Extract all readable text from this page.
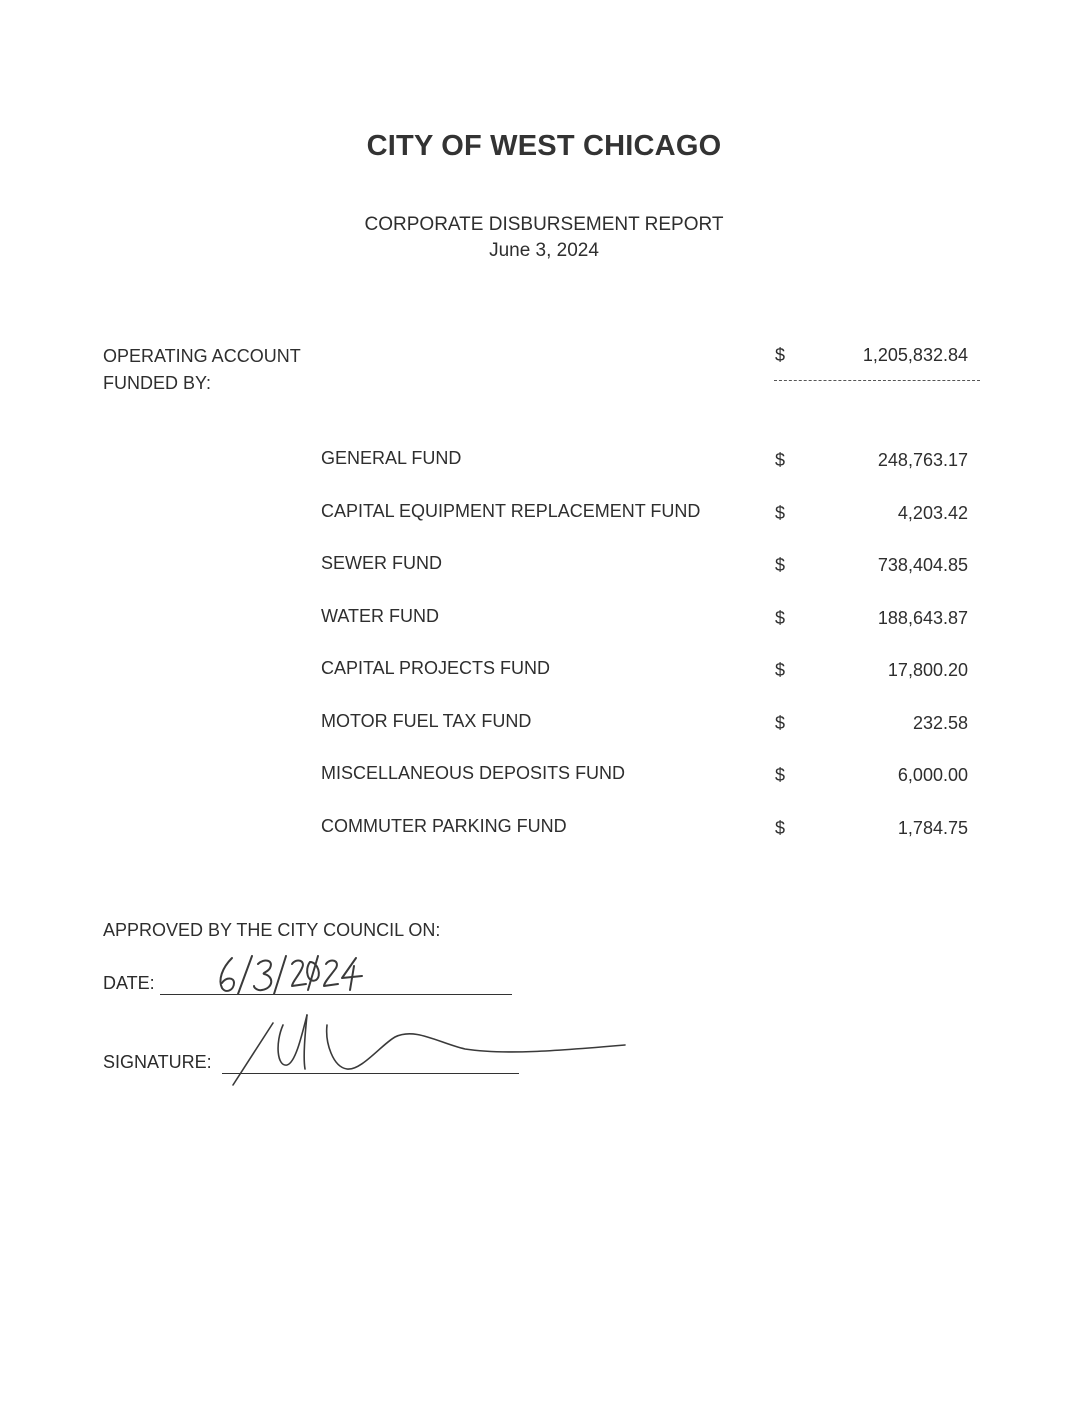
CITY OF WEST CHICAGO
CORPORATE DISBURSEMENT REPORT
June 3, 2024
OPERATING ACCOUNT
FUNDED BY:
$	1,205,832.84
GENERAL FUND	$	248,763.17
CAPITAL EQUIPMENT REPLACEMENT FUND	$	4,203.42
SEWER FUND	$	738,404.85
WATER FUND	$	188,643.87
CAPITAL PROJECTS FUND	$	17,800.20
MOTOR FUEL TAX FUND	$	232.58
MISCELLANEOUS DEPOSITS FUND	$	6,000.00
COMMUTER PARKING FUND	$	1,784.75
APPROVED BY THE CITY COUNCIL ON:
DATE:
SIGNATURE:
